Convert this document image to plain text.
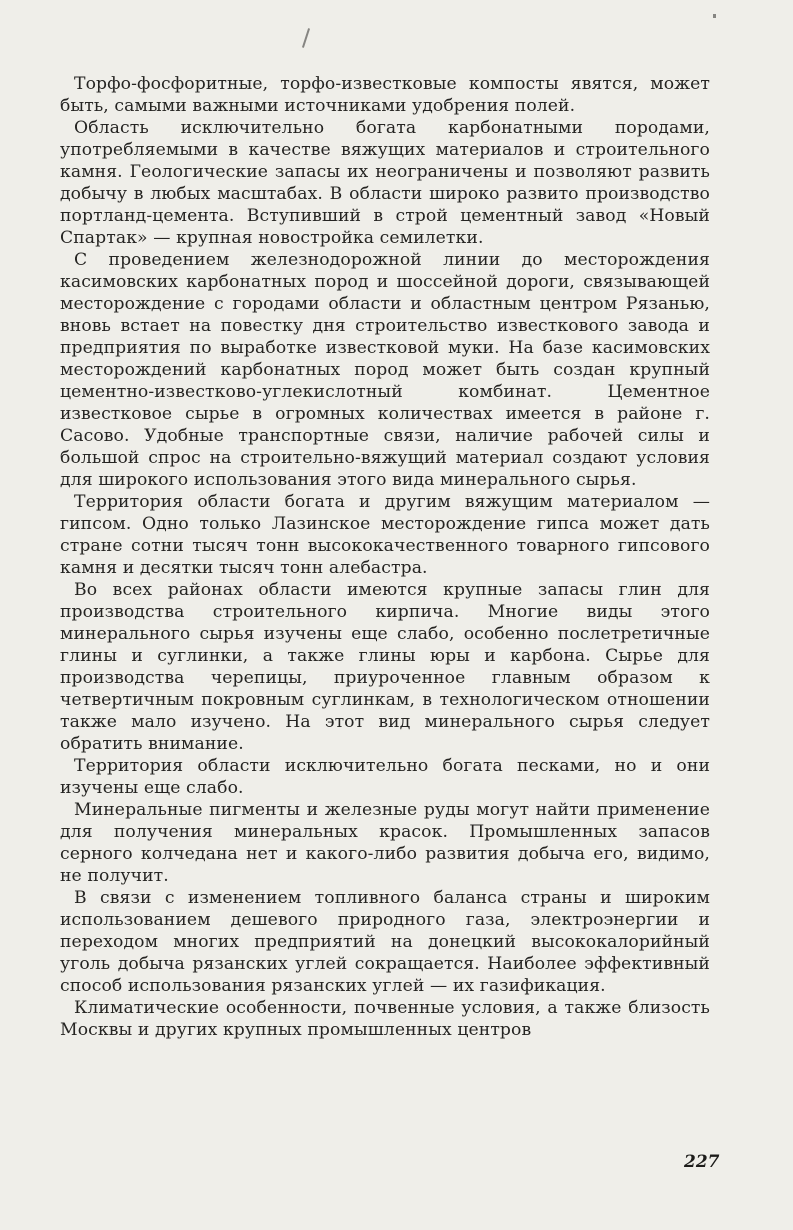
Торфо-фосфоритные, торфо-известковые компосты явятся, может быть, самыми важными источниками удобрения полей.

Область исключительно богата карбонатными породами, употребляемыми в качестве вяжущих материалов и строительного камня. Геологические запасы их неограничены и позволяют развить добычу в любых масштабах. В области широко развито производство портланд-цемента. Вступивший в строй цементный завод «Новый Спартак» — крупная новостройка семилетки.

С проведением железнодорожной линии до месторождения касимовских карбонатных пород и шоссейной дороги, связывающей месторождение с городами области и областным центром Рязанью, вновь встает на повестку дня строительство известкового завода и предприятия по выработке известковой муки. На базе касимовских месторождений карбонатных пород может быть создан крупный цементно-известково-углекислотный комбинат. Цементное известковое сырье в огромных количествах имеется в районе г. Сасово. Удобные транспортные связи, наличие рабочей силы и большой спрос на строительно-вяжущий материал создают условия для широкого использования этого вида минерального сырья.

Территория области богата и другим вяжущим материалом — гипсом. Одно только Лазинское месторождение гипса может дать стране сотни тысяч тонн высококачественного товарного гипсового камня и десятки тысяч тонн алебастра.

Во всех районах области имеются крупные запасы глин для производства строительного кирпича. Многие виды этого минерального сырья изучены еще слабо, особенно послетретичные глины и суглинки, а также глины юры и карбона. Сырье для производства черепицы, приуроченное главным образом к четвертичным покровным суглинкам, в технологическом отношении также мало изучено. На этот вид минерального сырья следует обратить внимание.

Территория области исключительно богата песками, но и они изучены еще слабо.

Минеральные пигменты и железные руды могут найти применение для получения минеральных красок. Промышленных запасов серного колчедана нет и какого-либо развития добыча его, видимо, не получит.

В связи с изменением топливного баланса страны и широким использованием дешевого природного газа, электроэнергии и переходом многих предприятий на донецкий высококалорийный уголь добыча рязанских углей сокращается. Наиболее эффективный способ использования рязанских углей — их газификация.

Климатические особенности, почвенные условия, а также близость Москвы и других крупных промышленных центров

227
